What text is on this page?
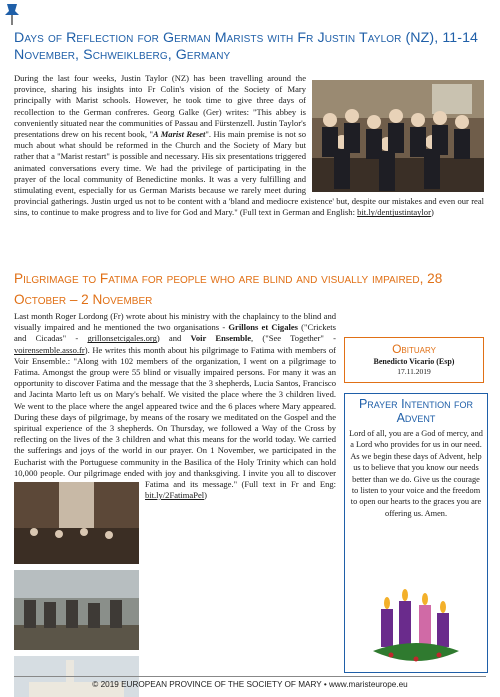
Days of Reflection for German Marists with Fr Justin Taylor (NZ), 11-14 November, Schweiklberg, Germany
During the last four weeks, Justin Taylor (NZ) has been travelling around the province, sharing his insights into Fr Colin's vision of the Society of Mary principally with Marist schools. However, he took time to give three days of recollection to the German confreres. Georg Galke (Ger) writes: "This abbey is conveniently situated near the communities of Passau and Fürstenzell. Justin Taylor's presentations drew on his recent book, "A Marist Reset". His main premise is not so much about what should be reformed in the Church and the Society of Mary but rather that a "Marist restart" is possible and necessary. His six presentations triggered animated conversations every time. We had the privilege of participating in the prayer of the local community of Benedictine monks. It was a very fulfilling and stimulating event, especially for us German Marists because we rarely meet during provincial gatherings. Justin urged us not to be content with a 'bland and mediocre existence' but, despite our mistakes and even our real sins, to continue to make progress and to live for God and Mary." (Full text in German and English: bit.ly/dentjustintaylor)
Pilgrimage to Fatima for people who are blind and visually impaired, 28 October – 2 November
Last month Roger Lordong (Fr) wrote about his ministry with the chaplaincy to the blind and visually impaired and he mentioned the two organisations - Grillons et Cigales ("Crickets and Cicadas" - grillonsetcigales.org) and Voir Ensemble, ("See Together" - voirensemble.asso.fr). He writes this month about his pilgrimage to Fatima with members of Voir Ensemble.: "Along with 102 members of the organization, I went on a pilgrimage to Fatima. Amongst the group were 55 blind or visually impaired persons. For many it was an opportunity to discover Fatima and the message that the 3 shepherds, Lucia Santos, Francisco and Jacinta Marto left us on Mary's behalf. We visited the place where the 3 children lived. We went to the place where the angel appeared twice and the 6 places where Mary appeared. During these days of pilgrimage, by means of the rosary we meditated on the Gospel and the spiritual experience of the 3 shepherds. On Thursday, we followed a Way of the Cross by reflecting on the lives of the 3 children and what this means for the world today. We carried the sufferings and joys of the world in our prayer. On 1 November, we participated in the Eucharist with the Portuguese community in the Basilica of the Holy Trinity which can hold 10,000 people. Our pilgrimage ended with joy and thanksgiving. I invite you all to discover Fatima and its message." (Full text in Fr and Eng:
bit.ly/2FatimaPel)
Obituary
Benedicto Vicario (Esp)
17.11.2019
Prayer Intention for Advent
Lord of all, you are a God of mercy, and a Lord who provides for us in our need. As we begin these days of Advent, help us to believe that you know our needs better than we do. Give us the courage to listen to your voice and the freedom to open our hearts to the graces you are offering us. Amen.
© 2019 EUROPEAN PROVINCE OF THE SOCIETY OF MARY • www.maristeurope.eu
